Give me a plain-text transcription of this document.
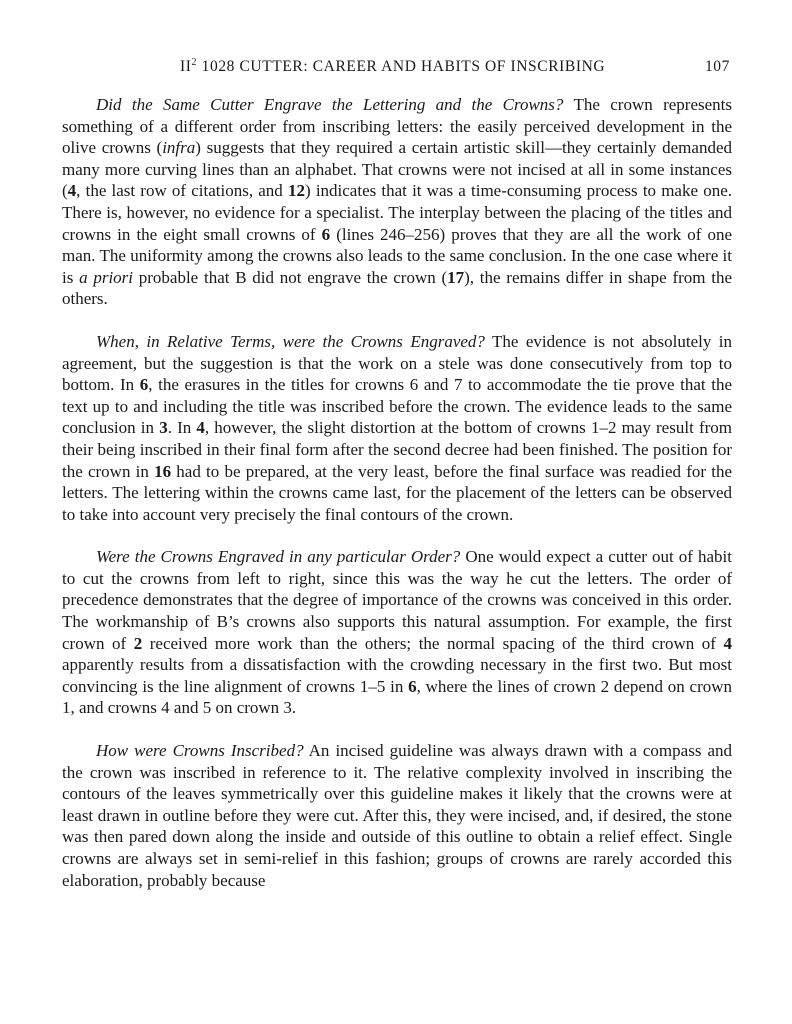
$II^2$ 1028 CUTTER: CAREER AND HABITS OF INSCRIBING	107

Did the Same Cutter Engrave the Lettering and the Crowns? The crown represents something of a different order from inscribing letters: the easily perceived development in the olive crowns (infra) suggests that they required a certain artistic skill—they certainly demanded many more curving lines than an alphabet. That crowns were not incised at all in some instances (4, the last row of citations, and 12) indicates that it was a time-consuming process to make one. There is, however, no evidence for a specialist. The interplay between the placing of the titles and crowns in the eight small crowns of 6 (lines 246–256) proves that they are all the work of one man. The uniformity among the crowns also leads to the same conclusion. In the one case where it is a priori probable that B did not engrave the crown (17), the remains differ in shape from the others.

When, in Relative Terms, were the Crowns Engraved? The evidence is not absolutely in agreement, but the suggestion is that the work on a stele was done consecutively from top to bottom. In 6, the erasures in the titles for crowns 6 and 7 to accommodate the tie prove that the text up to and including the title was inscribed before the crown. The evidence leads to the same conclusion in 3. In 4, however, the slight distortion at the bottom of crowns 1–2 may result from their being inscribed in their final form after the second decree had been finished. The position for the crown in 16 had to be prepared, at the very least, before the final surface was readied for the letters. The lettering within the crowns came last, for the placement of the letters can be observed to take into account very precisely the final contours of the crown.

Were the Crowns Engraved in any particular Order? One would expect a cutter out of habit to cut the crowns from left to right, since this was the way he cut the letters. The order of precedence demonstrates that the degree of importance of the crowns was conceived in this order. The workmanship of B’s crowns also supports this natural assumption. For example, the first crown of 2 received more work than the others; the normal spacing of the third crown of 4 apparently results from a dissatisfaction with the crowding necessary in the first two. But most convincing is the line alignment of crowns 1–5 in 6, where the lines of crown 2 depend on crown 1, and crowns 4 and 5 on crown 3.

How were Crowns Inscribed? An incised guideline was always drawn with a compass and the crown was inscribed in reference to it. The relative complexity involved in inscribing the contours of the leaves symmetrically over this guideline makes it likely that the crowns were at least drawn in outline before they were cut. After this, they were incised, and, if desired, the stone was then pared down along the inside and outside of this outline to obtain a relief effect. Single crowns are always set in semi-relief in this fashion; groups of crowns are rarely accorded this elaboration, probably because
